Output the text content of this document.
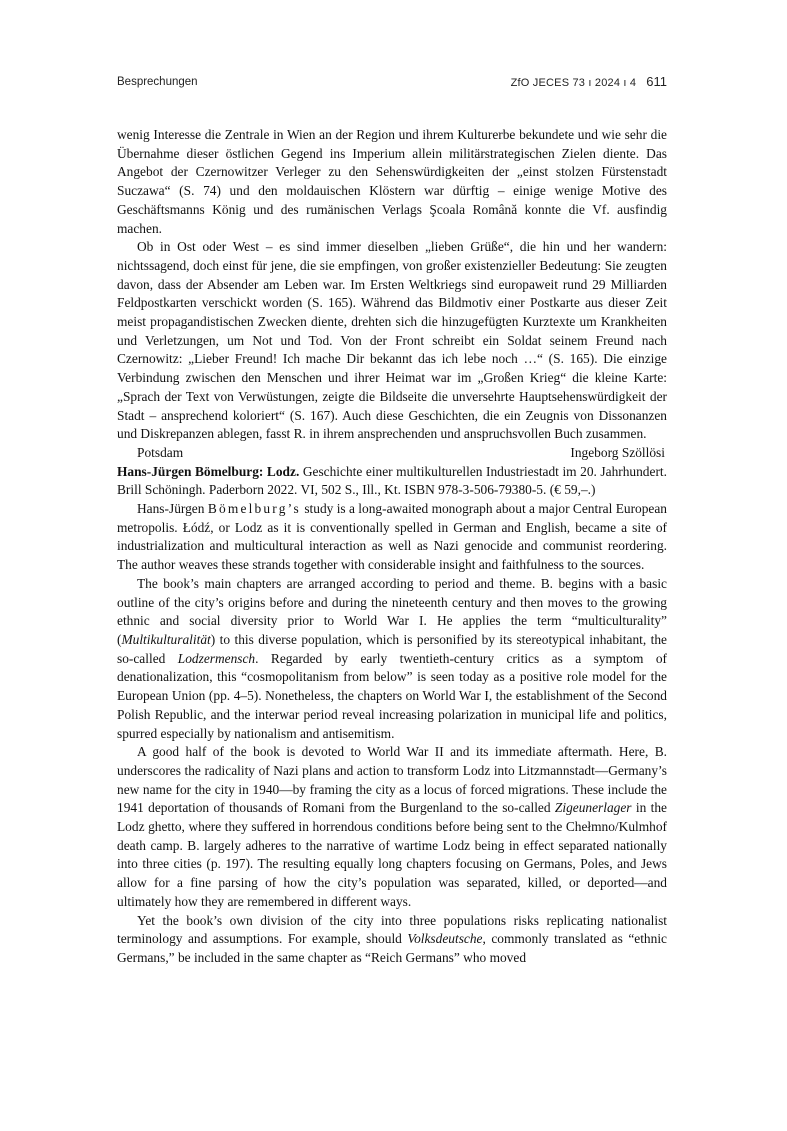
Besprechungen	ZfO JECES 73 ı 2024 ı 4 611

wenig Interesse die Zentrale in Wien an der Region und ihrem Kulturerbe bekundete und wie sehr die Übernahme dieser östlichen Gegend ins Imperium allein militärstrategischen Zielen diente. Das Angebot der Czernowitzer Verleger zu den Sehenswürdigkeiten der „einst stolzen Fürstenstadt Suczawa“ (S. 74) und den moldauischen Klöstern war dürftig – einige wenige Motive des Geschäftsmanns König und des rumänischen Verlags Şcoala Română konnte die Vf. ausfindig machen.

Ob in Ost oder West – es sind immer dieselben „lieben Grüße“, die hin und her wandern: nichtssagend, doch einst für jene, die sie empfingen, von großer existenzieller Bedeutung: Sie zeugten davon, dass der Absender am Leben war. Im Ersten Weltkriegs sind europaweit rund 29 Milliarden Feldpostkarten verschickt worden (S. 165). Während das Bildmotiv einer Postkarte aus dieser Zeit meist propagandistischen Zwecken diente, drehten sich die hinzugefügten Kurztexte um Krankheiten und Verletzungen, um Not und Tod. Von der Front schreibt ein Soldat seinem Freund nach Czernowitz: „Lieber Freund! Ich mache Dir bekannt das ich lebe noch …“ (S. 165). Die einzige Verbindung zwischen den Menschen und ihrer Heimat war im „Großen Krieg“ die kleine Karte: „Sprach der Text von Verwüstungen, zeigte die Bildseite die unversehrte Hauptsehenswürdigkeit der Stadt – ansprechend koloriert“ (S. 167). Auch diese Geschichten, die ein Zeugnis von Dissonanzen und Diskrepanzen ablegen, fasst R. in ihrem ansprechenden und anspruchsvollen Buch zusammen.

Potsdam	Ingeborg Szöllösi

Hans-Jürgen Bömelburg: Lodz. Geschichte einer multikulturellen Industriestadt im 20. Jahrhundert. Brill Schöningh. Paderborn 2022. VI, 502 S., Ill., Kt. ISBN 978-3-506-79380-5. (€ 59,–.)

Hans-Jürgen Bömelburg’s study is a long-awaited monograph about a major Central European metropolis. Łódź, or Lodz as it is conventionally spelled in German and English, became a site of industrialization and multicultural interaction as well as Nazi genocide and communist reordering. The author weaves these strands together with considerable insight and faithfulness to the sources.

The book’s main chapters are arranged according to period and theme. B. begins with a basic outline of the city’s origins before and during the nineteenth century and then moves to the growing ethnic and social diversity prior to World War I. He applies the term “multiculturality” (Multikulturalität) to this diverse population, which is personified by its stereotypical inhabitant, the so-called Lodzermensch. Regarded by early twentieth-century critics as a symptom of denationalization, this “cosmopolitanism from below” is seen today as a positive role model for the European Union (pp. 4–5). Nonetheless, the chapters on World War I, the establishment of the Second Polish Republic, and the interwar period reveal increasing polarization in municipal life and politics, spurred especially by nationalism and antisemitism.

A good half of the book is devoted to World War II and its immediate aftermath. Here, B. underscores the radicality of Nazi plans and action to transform Lodz into Litzmannstadt—Germany’s new name for the city in 1940—by framing the city as a locus of forced migrations. These include the 1941 deportation of thousands of Romani from the Burgenland to the so-called Zigeunerlager in the Lodz ghetto, where they suffered in horrendous conditions before being sent to the Chełmno/Kulmhof death camp. B. largely adheres to the narrative of wartime Lodz being in effect separated nationally into three cities (p. 197). The resulting equally long chapters focusing on Germans, Poles, and Jews allow for a fine parsing of how the city’s population was separated, killed, or deported—and ultimately how they are remembered in different ways.

Yet the book’s own division of the city into three populations risks replicating nationalist terminology and assumptions. For example, should Volksdeutsche, commonly translated as “ethnic Germans,” be included in the same chapter as “Reich Germans” who moved
